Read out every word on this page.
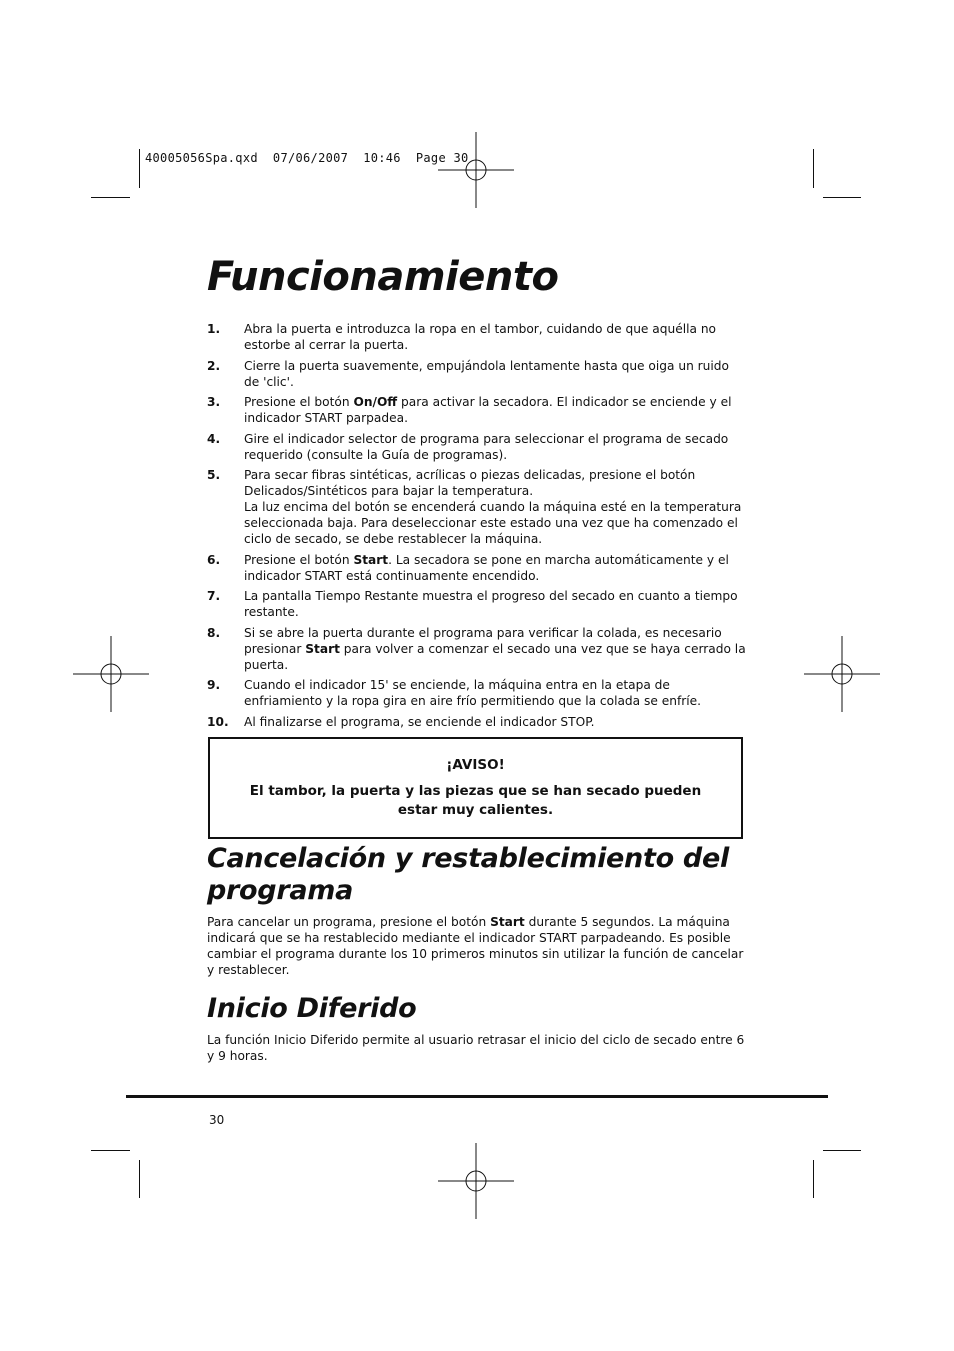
40005056Spa.qxd  07/06/2007  10:46  Page 30
Funcionamiento
1.	Abra la puerta e introduzca la ropa en el tambor, cuidando de que aquélla no estorbe al cerrar la puerta.
2.	Cierre la puerta suavemente, empujándola lentamente hasta que oiga un ruido de 'clic'.
3.	Presione el botón On/Off para activar la secadora. El indicador se enciende y el indicador START parpadea.
4.	Gire el indicador selector de programa para seleccionar el programa de secado requerido (consulte la Guía de programas).
5.	Para secar fibras sintéticas, acrílicas o piezas delicadas, presione el botón Delicados/Sintéticos para bajar la temperatura.
La luz encima del botón se encenderá cuando la máquina esté en la temperatura seleccionada baja. Para deseleccionar este estado una vez que ha comenzado el ciclo de secado, se debe restablecer la máquina.
6.	Presione el botón Start. La secadora se pone en marcha automáticamente y el indicador START está continuamente encendido.
7.	La pantalla Tiempo Restante muestra el progreso del secado en cuanto a tiempo restante.
8.	Si se abre la puerta durante el programa para verificar la colada, es necesario presionar Start para volver a comenzar el secado una vez que se haya cerrado la puerta.
9.	Cuando el indicador 15' se enciende, la máquina entra en la etapa de enfriamiento y la ropa gira en aire frío permitiendo que la colada se enfríe.
10.	Al finalizarse el programa, se enciende el indicador STOP.
¡AVISO!
El tambor, la puerta y las piezas que se han secado pueden estar muy calientes.
Cancelación y restablecimiento del programa

Para cancelar un programa, presione el botón Start durante 5 segundos. La máquina indicará que se ha restablecido mediante el indicador START parpadeando. Es posible cambiar el programa durante los 10 primeros minutos sin utilizar la función de cancelar y restablecer.

Inicio Diferido

La función Inicio Diferido permite al usuario retrasar el inicio del ciclo de secado entre 6 y 9 horas.

30
